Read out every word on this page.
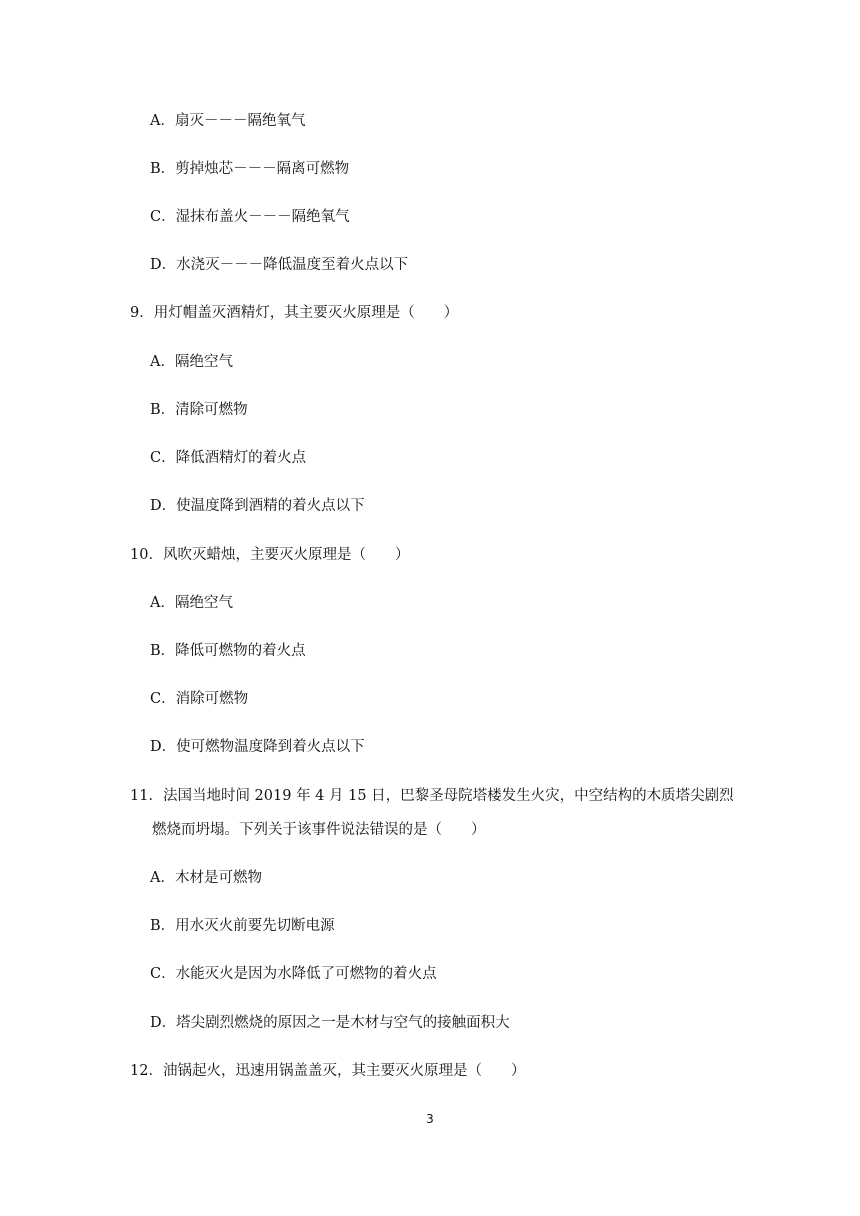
A．扇灭－－－隔绝氧气
B．剪掉烛芯－－－隔离可燃物
C．湿抹布盖火－－－隔绝氧气
D．水浇灭－－－降低温度至着火点以下
9．用灯帽盖灭酒精灯，其主要灭火原理是（　　）
A．隔绝空气
B．清除可燃物
C．降低酒精灯的着火点
D．使温度降到酒精的着火点以下
10．风吹灭蜡烛，主要灭火原理是（　　）
A．隔绝空气
B．降低可燃物的着火点
C．消除可燃物
D．使可燃物温度降到着火点以下
11．法国当地时间 2019 年 4 月 15 日，巴黎圣母院塔楼发生火灾，中空结构的木质塔尖剧烈
燃烧而坍塌。下列关于该事件说法错误的是（　　）
A．木材是可燃物
B．用水灭火前要先切断电源
C．水能灭火是因为水降低了可燃物的着火点
D．塔尖剧烈燃烧的原因之一是木材与空气的接触面积大
12．油锅起火，迅速用锅盖盖灭，其主要灭火原理是（　　）
3
